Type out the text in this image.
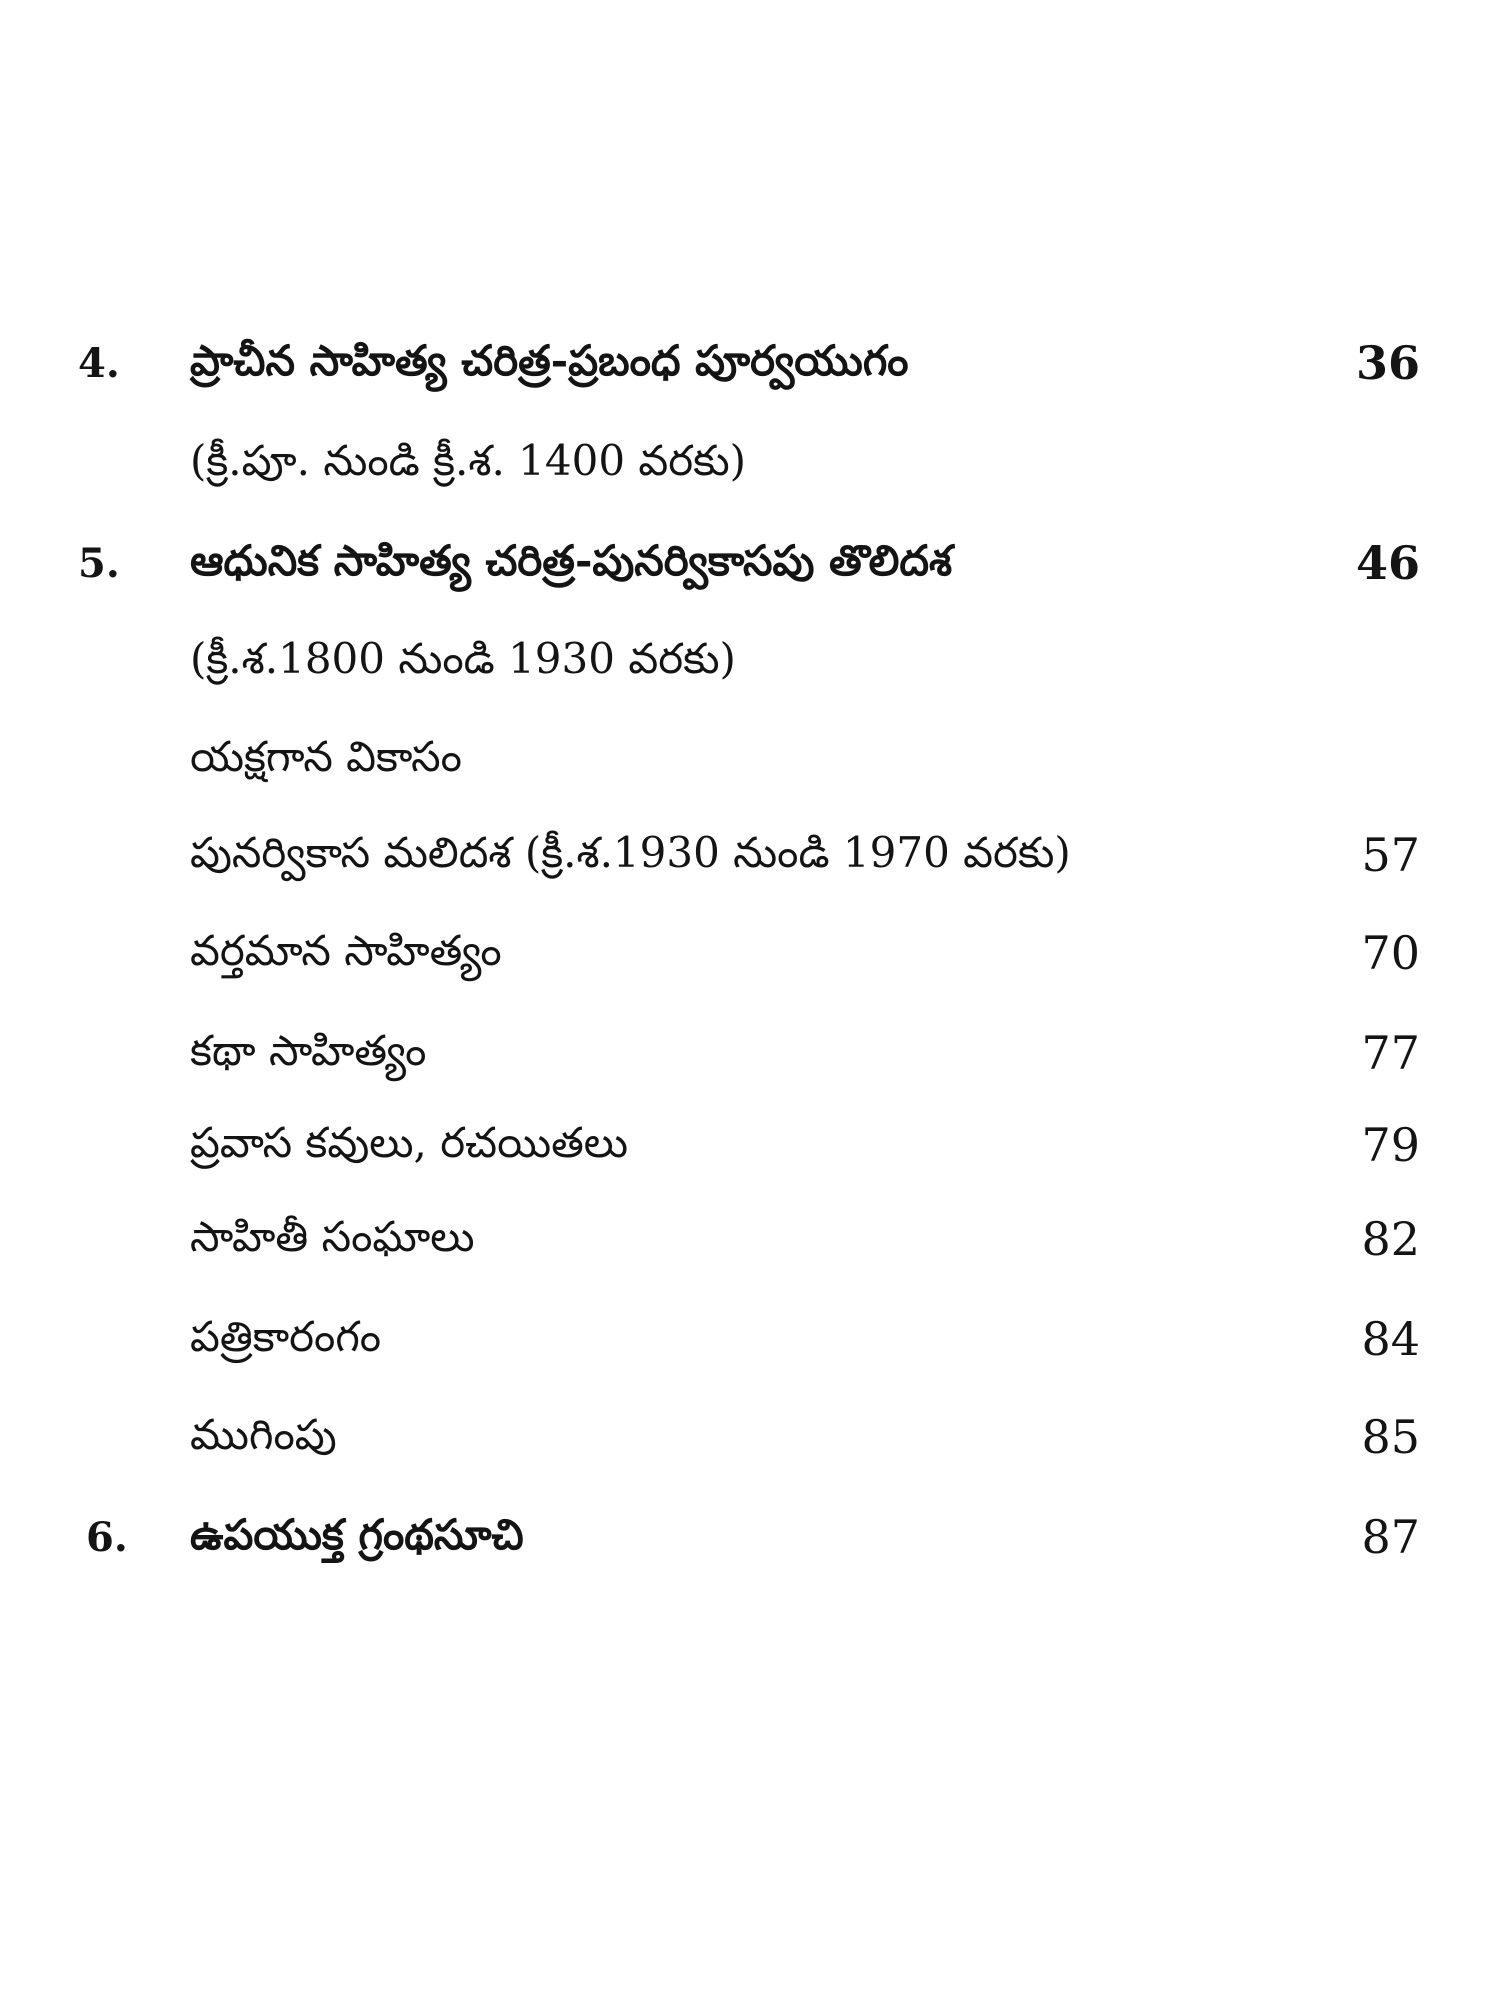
4. ప్రాచీన సాహిత్య చరిత్ర-ప్రబంధ పూర్వయుగం	36
(క్రీ.పూ. నుండి క్రీ.శ. 1400 వరకు)
5. ఆధునిక సాహిత్య చరిత్ర-పునర్వికాసపు తొలిదశ	46
(క్రీ.శ.1800 నుండి 1930 వరకు)
యక్షగాన వికాసం
పునర్వికాస మలిదశ (క్రీ.శ.1930 నుండి 1970 వరకు)	57
వర్తమాన సాహిత్యం	70
కథా సాహిత్యం	77
ప్రవాస కవులు, రచయితలు	79
సాహితీ సంఘాలు	82
పత్రికారంగం	84
ముగింపు	85
6. ఉపయుక్త గ్రంథసూచి	87
